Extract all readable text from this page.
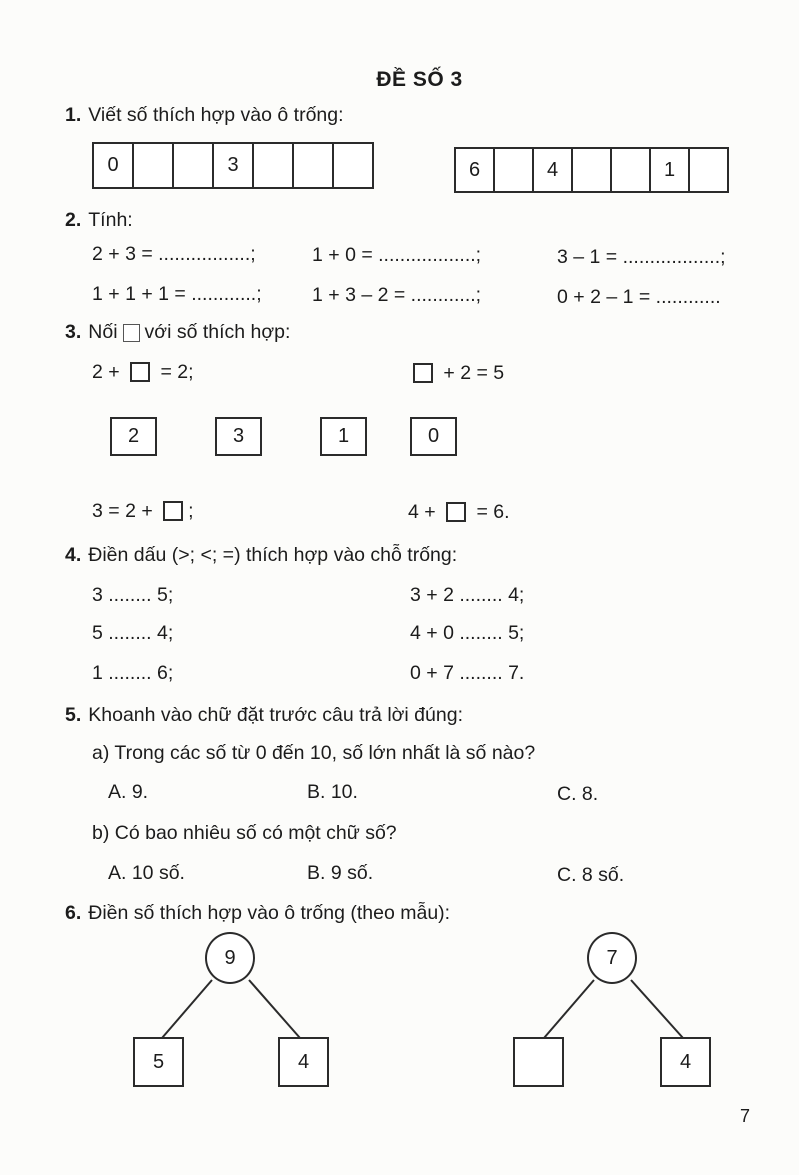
ĐỀ SỐ 3
1. Viết số thích hợp vào ô trống:
0	3	6	4	1
2. Tính:
2 + 3 = .................;	1 + 0 = ..................;	3 – 1 = ..................;
1 + 1 + 1 = ............;	1 + 3 – 2 = ............;	0 + 2 – 1 = ............
3. Nối với số thích hợp:
2 +  = 2;	+ 2 = 5
2	3	1	0
3 = 2 + ;	4 +  = 6.
4. Điền dấu (>; <; =) thích hợp vào chỗ trống:
3 ........ 5;	3 + 2 ........ 4;
5 ........ 4;	4 + 0 ........ 5;
1 ........ 6;	0 + 7 ........ 7.
5. Khoanh vào chữ đặt trước câu trả lời đúng:
a) Trong các số từ 0 đến 10, số lớn nhất là số nào?
A. 9.	B. 10.	C. 8.
b) Có bao nhiêu số có một chữ số?
A. 10 số.	B. 9 số.	C. 8 số.
6. Điền số thích hợp vào ô trống (theo mẫu):
9
5	4
7
4
7
